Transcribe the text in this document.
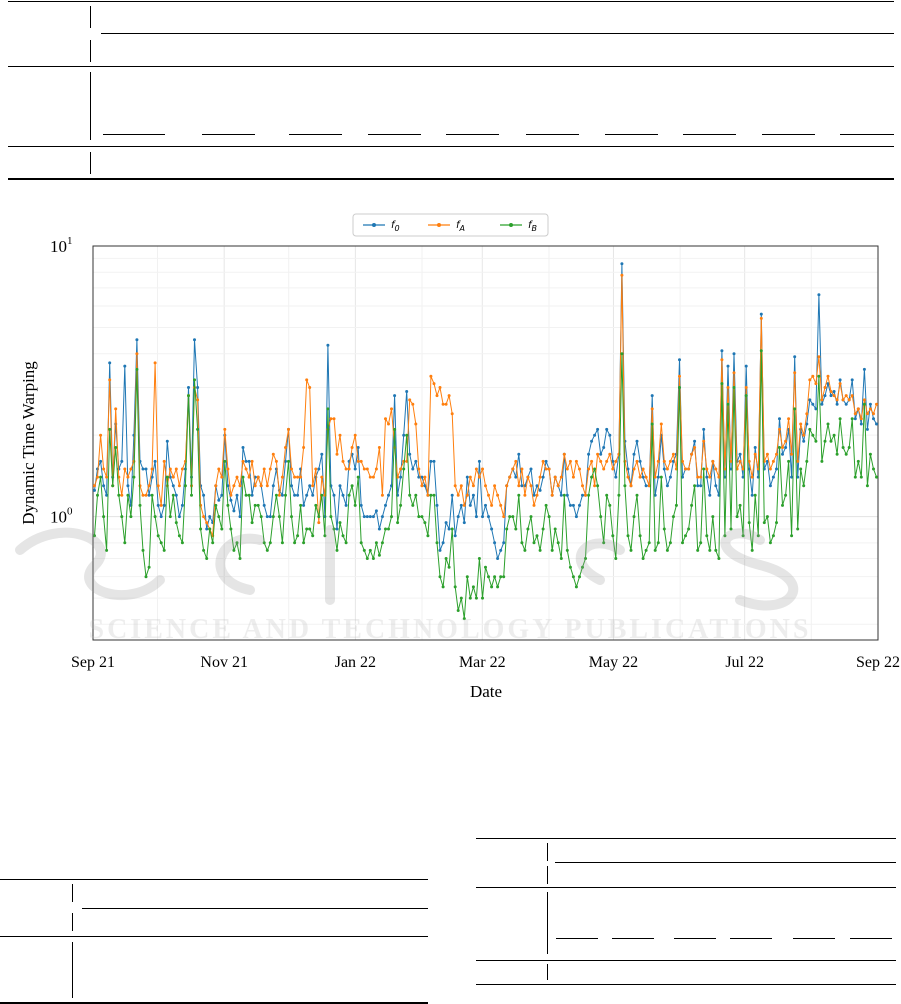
Sep 21	Nov 21	Jan 22	Mar 22	May 22	Jul 22	Sep 22
$10^0$
$10^1$
Date
Dynamic Time Warping
$f_0$	$f_A$	$f_B$
SCIENCE AND TECHNOLOGY PUBLICATIONS
